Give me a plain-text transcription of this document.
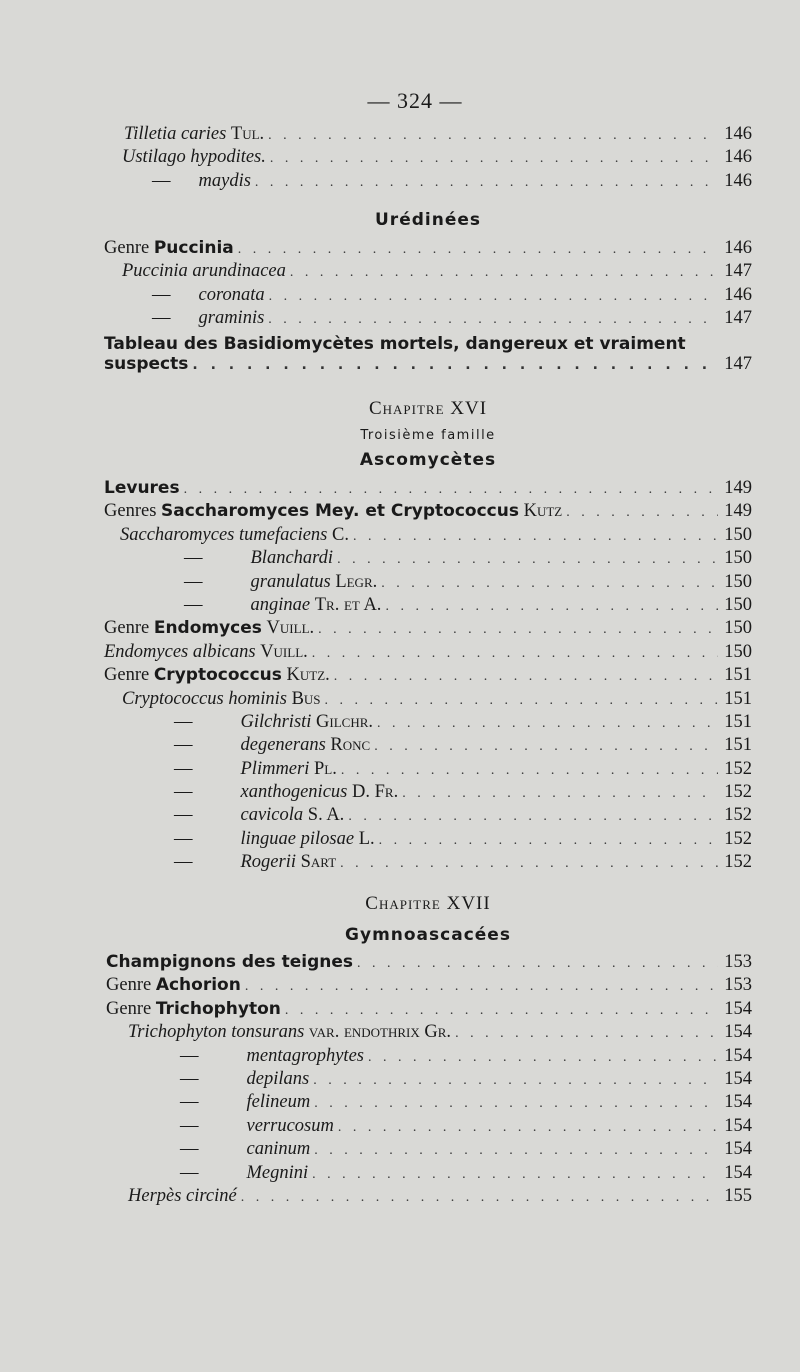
— 324 —
Tilletia caries Tul. . . .	146
Ustilago hypodites. . . .	146
— maydis . . .	146
Urédinées
Genre Puccinia . . .	146
Puccinia arundinacea . . .	147
— coronata . . .	146
— graminis . . .	147
Tableau des Basidiomycètes mortels, dangereux et vraiment
suspects . . .	147
Chapitre XVI
Troisième famille
Ascomycètes
Levures . . .	149
Genres Saccharomyces Mey. et Cryptococcus Kutz . . .	149
Saccharomyces tumefaciens C. . . .	150
—	Blanchardi . . .	150
—	granulatus Legr. . . .	150
—	anginae Tr. et A. . . .	150
Genre Endomyces Vuill. . . .	150
Endomyces albicans Vuill. . . .	150
Genre Cryptococcus Kutz. . . .	151
Cryptococcus hominis Bus . . .	151
—	Gilchristi Gilchr. . . .	151
—	degenerans Ronc . . .	151
—	Plimmeri Pl. . . .	152
—	xanthogenicus D. Fr. . . .	152
—	cavicola S. A. . . .	152
—	linguae pilosae L. . . .	152
—	Rogerii Sart . . .	152
Chapitre XVII
Gymnoascacées
Champignons des teignes . . .	153
Genre Achorion . . .	153
Genre Trichophyton . . .	154
Trichophyton tonsurans var. endothrix Gr. . . .	154
—	mentagrophytes . . .	154
—	depilans . . .	154
—	felineum . . .	154
—	verrucosum . . .	154
—	caninum . . .	154
—	Megnini . . .	154
Herpès circiné . . .	155
